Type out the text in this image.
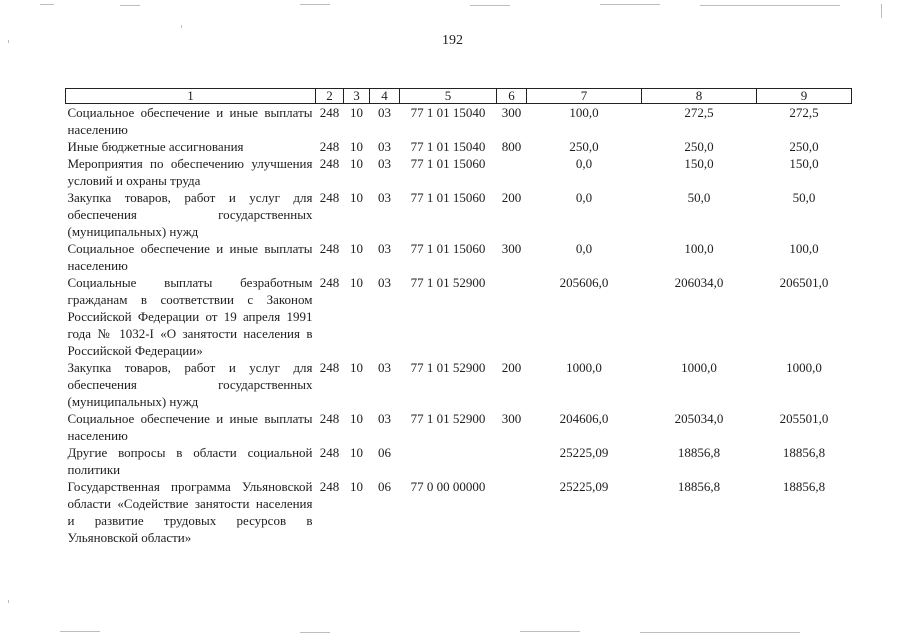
192
1	2	3	4	5	6	7	8	9
Социальное обеспечение и иные выплаты населению	248	10	03	77 1 01 15040	300	100,0	272,5	272,5
Иные бюджетные ассигнования	248	10	03	77 1 01 15040	800	250,0	250,0	250,0
Мероприятия по обеспечению улучшения условий и охраны труда	248	10	03	77 1 01 15060		0,0	150,0	150,0
Закупка товаров, работ и услуг для обеспечения государственных (муниципальных) нужд	248	10	03	77 1 01 15060	200	0,0	50,0	50,0
Социальное обеспечение и иные выплаты населению	248	10	03	77 1 01 15060	300	0,0	100,0	100,0
Социальные выплаты безработным гражданам в соответствии с Законом Российской Федерации от 19 апреля 1991 года № 1032-I «О занятости населения в Российской Федерации»	248	10	03	77 1 01 52900		205606,0	206034,0	206501,0
Закупка товаров, работ и услуг для обеспечения государственных (муниципальных) нужд	248	10	03	77 1 01 52900	200	1000,0	1000,0	1000,0
Социальное обеспечение и иные выплаты населению	248	10	03	77 1 01 52900	300	204606,0	205034,0	205501,0
Другие вопросы в области социальной политики	248	10	06			25225,09	18856,8	18856,8
Государственная программа Ульяновской области «Содействие занятости населения и развитие трудовых ресурсов в Ульяновской области»	248	10	06	77 0 00 00000		25225,09	18856,8	18856,8
